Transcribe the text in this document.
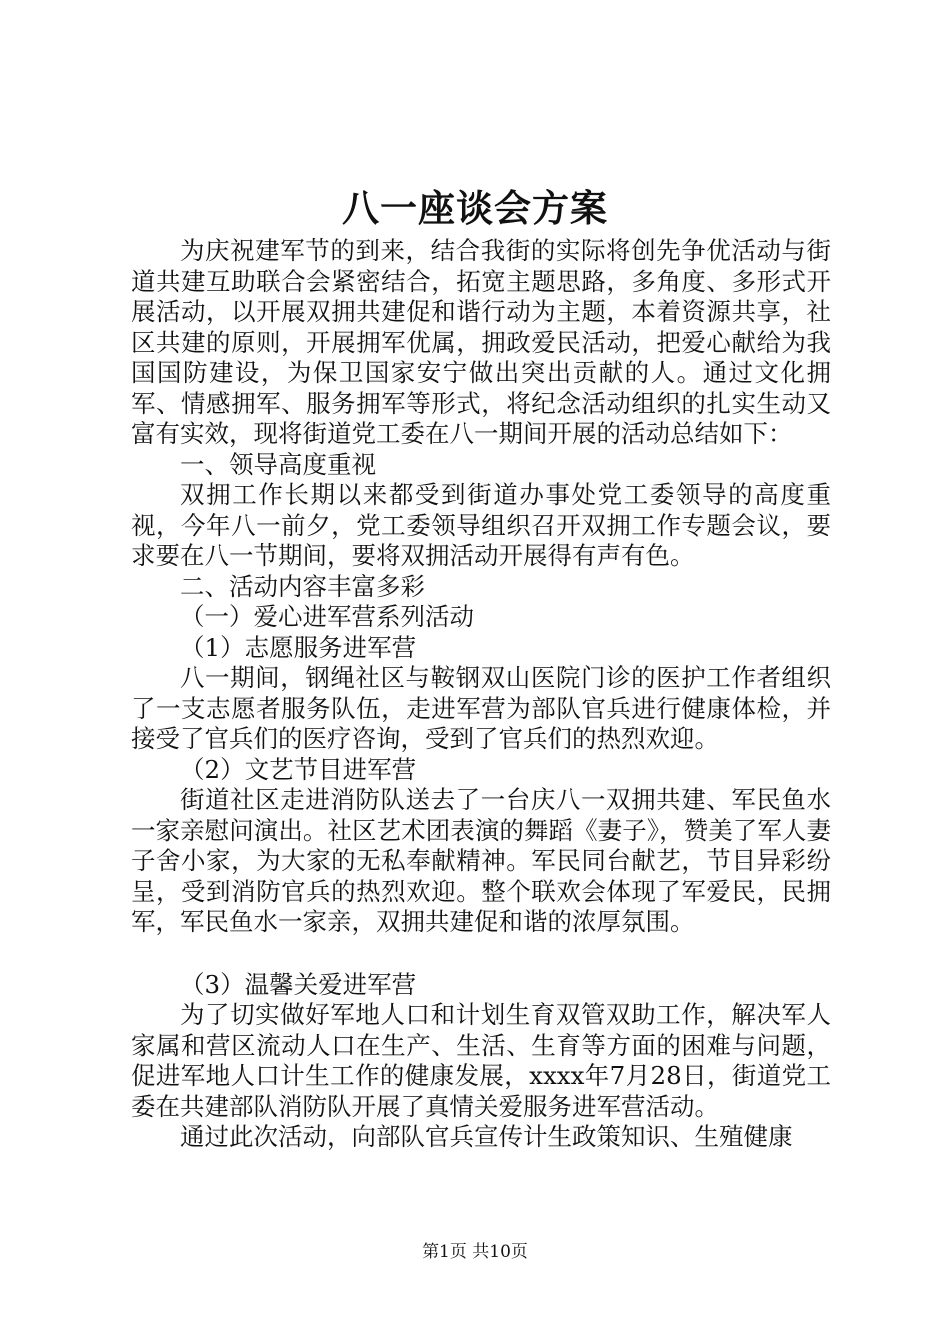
八一座谈会方案

为庆祝建军节的到来，结合我街的实际将创先争优活动与街道共建互助联合会紧密结合，拓宽主题思路，多角度、多形式开展活动，以开展双拥共建促和谐行动为主题，本着资源共享，社区共建的原则，开展拥军优属，拥政爱民活动，把爱心献给为我国国防建设，为保卫国家安宁做出突出贡献的人。通过文化拥军、情感拥军、服务拥军等形式，将纪念活动组织的扎实生动又富有实效，现将街道党工委在八一期间开展的活动总结如下：

一、领导高度重视

双拥工作长期以来都受到街道办事处党工委领导的高度重视，今年八一前夕，党工委领导组织召开双拥工作专题会议，要求要在八一节期间，要将双拥活动开展得有声有色。

二、活动内容丰富多彩

（一）爱心进军营系列活动

（1）志愿服务进军营

八一期间，钢绳社区与鞍钢双山医院门诊的医护工作者组织了一支志愿者服务队伍，走进军营为部队官兵进行健康体检，并接受了官兵们的医疗咨询，受到了官兵们的热烈欢迎。

（2）文艺节目进军营

街道社区走进消防队送去了一台庆八一双拥共建、军民鱼水一家亲慰问演出。社区艺术团表演的舞蹈《妻子》，赞美了军人妻子舍小家，为大家的无私奉献精神。军民同台献艺，节目异彩纷呈，受到消防官兵的热烈欢迎。整个联欢会体现了军爱民，民拥军，军民鱼水一家亲，双拥共建促和谐的浓厚氛围。

（3）温馨关爱进军营

为了切实做好军地人口和计划生育双管双助工作，解决军人家属和营区流动人口在生产、生活、生育等方面的困难与问题，促进军地人口计生工作的健康发展，xxxx年7月28日，街道党工委在共建部队消防队开展了真情关爱服务进军营活动。

通过此次活动，向部队官兵宣传计生政策知识、生殖健康

第1页 共10页
